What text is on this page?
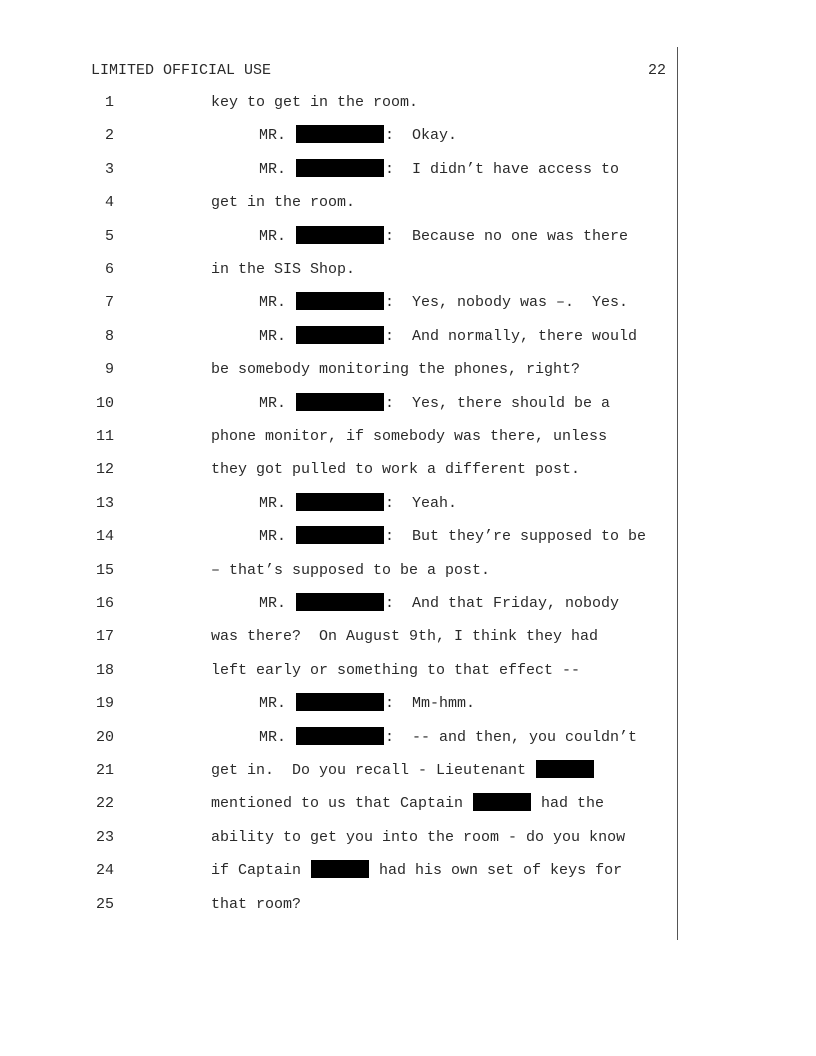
LIMITED OFFICIAL USE	22
1	key to get in the room.
2	MR.	:  Okay.
3	MR.	:  I didn’t have access to
4	get in the room.
5	MR.	:  Because no one was there
6	in the SIS Shop.
7	MR.	:  Yes, nobody was –.  Yes.
8	MR.	:  And normally, there would
9	be somebody monitoring the phones, right?
10	MR.	:  Yes, there should be a
11	phone monitor, if somebody was there, unless
12	they got pulled to work a different post.
13	MR.	:  Yeah.
14	MR.	:  But they’re supposed to be
15	– that’s supposed to be a post.
16	MR.	:  And that Friday, nobody
17	was there?  On August 9th, I think they had
18	left early or something to that effect --
19	MR.	:  Mm-hmm.
20	MR.	:  -- and then, you couldn’t
21	get in.  Do you recall - Lieutenant
22	mentioned to us that Captain	had the
23	ability to get you into the room - do you know
24	if Captain	had his own set of keys for
25	that room?
